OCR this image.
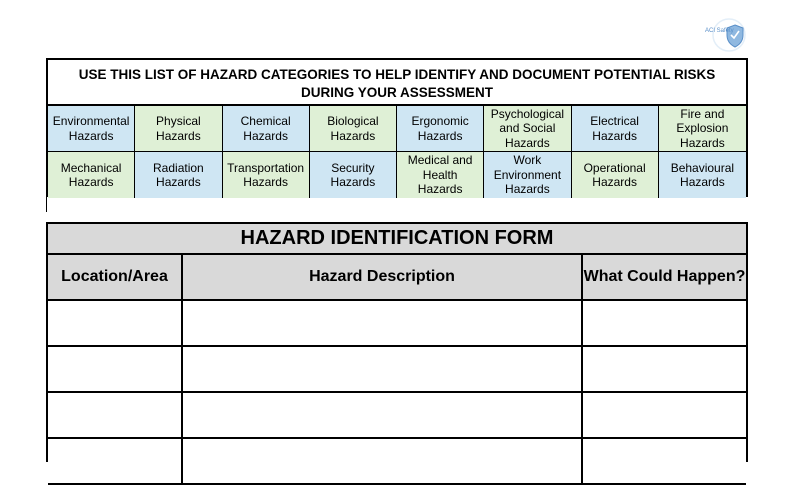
ACI Safety
USE THIS LIST OF HAZARD CATEGORIES TO HELP IDENTIFY AND DOCUMENT POTENTIAL RISKS DURING YOUR ASSESSMENT
Environmental Hazards
Physical Hazards
Chemical Hazards
Biological Hazards
Ergonomic Hazards
Psychological and Social Hazards
Electrical Hazards
Fire and Explosion Hazards
Mechanical Hazards
Radiation Hazards
Transportation Hazards
Security Hazards
Medical and Health Hazards
Work Environment Hazards
Operational Hazards
Behavioural Hazards
HAZARD IDENTIFICATION FORM
Location/Area	Hazard Description	What Could Happen?
